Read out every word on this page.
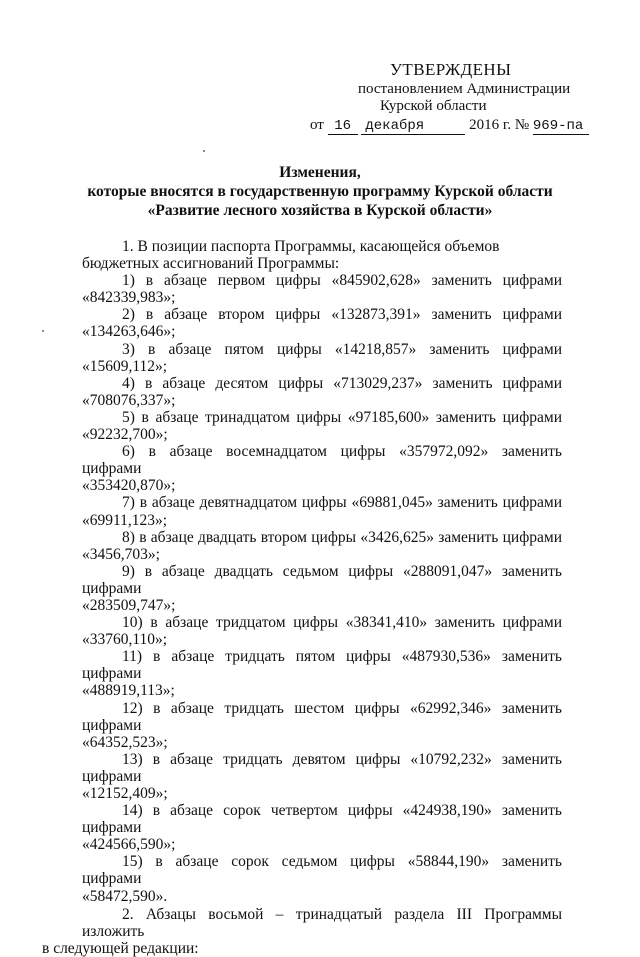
УТВЕРЖДЕНЫ
постановлением Администрации
Курской области
от 16 декабря	2016 г. № 969-па
Изменения,
которые вносятся в государственную программу Курской области
«Развитие лесного хозяйства в Курской области»
1. В позиции паспорта Программы, касающейся объемов бюджетных ассигнований Программы:
1) в абзаце первом цифры «845902,628» заменить цифрами
«842339,983»;
2) в абзаце втором цифры «132873,391» заменить цифрами
«134263,646»;
3) в абзаце пятом цифры «14218,857» заменить цифрами
«15609,112»;
4) в абзаце десятом цифры «713029,237» заменить цифрами
«708076,337»;
5) в абзаце тринадцатом цифры «97185,600» заменить цифрами
«92232,700»;
6) в абзаце восемнадцатом цифры «357972,092» заменить цифрами
«353420,870»;
7) в абзаце девятнадцатом цифры «69881,045» заменить цифрами
«69911,123»;
8) в абзаце двадцать втором цифры «3426,625» заменить цифрами
«3456,703»;
9) в абзаце двадцать седьмом цифры «288091,047» заменить цифрами
«283509,747»;
10) в абзаце тридцатом цифры «38341,410» заменить цифрами
«33760,110»;
11) в абзаце тридцать пятом цифры «487930,536» заменить цифрами
«488919,113»;
12) в абзаце тридцать шестом цифры «62992,346» заменить цифрами
«64352,523»;
13) в абзаце тридцать девятом цифры «10792,232» заменить цифрами
«12152,409»;
14) в абзаце сорок четвертом цифры «424938,190» заменить цифрами
«424566,590»;
15) в абзаце сорок седьмом цифры «58844,190» заменить цифрами
«58472,590».
2. Абзацы восьмой – тринадцатый раздела III Программы изложить
в следующей редакции:
